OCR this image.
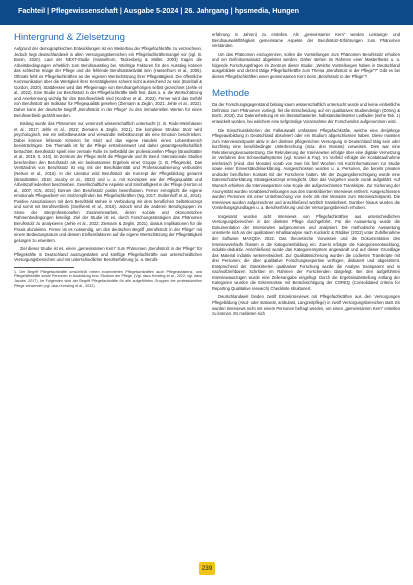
Fachteil | Pflegewissenschaft | Ausgabe 5-2024 | 26. Jahrgang | hpsmedia, Hungen
Hintergrund & Zielsetzung

Aufgrund der demographischen Entwicklungen ist ein Weiterbau der Pflegefachkräfte zu verzeichnen. Jedoch liegt deutschlandweit in allen Versorgungsbereichen ein Pflegefachkräftemangel vor (vgl. B. Bonin, 2020). Laut der NEXT-Studie (Hasselhorn, Tackenberg & Müller, 2003) tragen die Arbeitsbedingungen erheblich zum Berufsausstieg bei. Wichtige Faktoren für den Ausstieg können das schlechte Image der Pflege und die fehlende Berufsattraktivität sein (Hasselhorn et al., 2005). Oftmals fehlt es Pflegefachkräften an der eigenen Wertschätzung ihrer Pflegetätigkeit. Die öffentliche Kommunikation über die Wertigkeit ihrer Kerntätigkeiten scheint nicht ausreichend zu sein (Bomball & Gordon, 2020). Stattdessen wird das Pflegeimage von Berufsangehörigen selbst gezeichnet (Jehle et al., 2022). Eine Studie zur Berufsstolz in der Pflegefachkräfte stellt fest, dass u. a. die Wertschätzung und Anerkennung wichtig für den Berufsverbleib sind (Kordner et al., 2022). Ferner wird das Gefühl von Berufsstolz als Indikator für Pflegequalität gesehen (Ziemann & Zeglin, 2021; Jehle et al., 2022). Daher kann der deutsche Begriff „Berufsstolz in der Pflege“ zu den immateriellen Werten für einen Berufsverbleib gezählt werden.

Bislang wurde das Phänomen nur vereinzelt wissenschaftlich untersucht (z. B. Rode-Weinhäuser et al., 2017; Jehle et al., 2022; Ziemann & Zeglin, 2021). Die komplexe Struktur Stolz wird psychologisch, wie ein selbstbewusste und verwandte Selbstkonzept als eine Emotion beschrieben. Dabei können fehlende Kriterien für Stolz auf das eigene Handeln einen Lebensbereich beeinträchtigen. Die Thematik ist für die Pflege erstrebenswert und daher gesamtgesellschaftlich betrachtet. Berufsstolz spielt eine zentrale Rolle im Selbstbild der professionellen Pflege (Brandstätter et al., 2019, S. 243). Im Zentrum der Pflege steht die Pflegende und ihr Beruf. Internationale Studien beschreiben den Berufsstolz als ein bedeutsames Ergebnis einer Gruppe (z. B. Pflegende). Das Verständnis von Berufsstolz ist eng mit der Berufsidentität und Professionalisierung verbunden (Nelson et al., 2015). In der Literatur wird Berufsstolz als Konzept der Pflegebildung genannt (Brandstätter, 2018; Jacoby et al., 2022) und u. a. mit Konzepten wie der Pflegequalität und Arbeitszufriedenheit beschrieben. Gesellschaftliche Aspekte und Sinnhaftigkeit in der Pflege (Horton et al., 2007; ICN, 2021) können den Berufsstolz positiv beeinflussen. Ferner ermöglicht die eigene emotionale Pflegearbeit¹ ein Stolzempfinden bei Pflegefachkräften (Ng, 2017; Stoltenhoff et al., 2014). Positive Assoziationen mit dem Berufsbild stehen in Verbindung mit dem beruflichen Selbstkonzept und somit mit Berufsverbleib (Snellventi et al., 2016). Jedoch sind die anderen Berufsgruppen im Sinne der interprofessionellen Zusammenarbeit, deren soziale und ökonomischen Rahmenbedingungen beteiligt. Ziel der Studie ist es, durch Forschungsstrategien das Phänomen Berufsstolz zu analysieren (Jehle et al., 2022; Ziemann & Zeglin, 2021), daraus Implikationen für die Praxis abzuleiten. Ferner ist es notwendig, um den deutschen Begriff „Berufsstolz in der Pflege“ mit einem Bedeutungsraum und dessen Einflussfaktoren auf die eigene Wertschätzung der Pflegetätigkeit gelungen zu erweitern.

Ziel dieser Studie ist es, einen „gemeinsamen Kern“ zum Phänomen „Berufsstolz in der Pflege“ für Pflegekräfte in Deutschland auszugestalten und künftige Pflegefachkräfte aus unterschiedlichen Versorgungsbereichen und mit unterschiedlicher Berufserfahrung (u. a. Berufs-

1. Der Begriff Pflegefachkräfte umschließt neben examinierten Pflegefachkräften auch Pflegeassistenz- und Pflegehilfskräfte sowie Personen in Ausbildung bzw. Studium der Pflege. (Vgl. dazu Kersting et al., 2022; vgl. dazu Jacobs, 2017). Im Folgenden wird der Begriff Pflegefachkräfte für alle aufgeführten Gruppen der professionellen Pflege verwendet (vgl. dazu Kersting et al., 2022).

erfahrung in Jahren) zu erstellen. Als „gemeinsamer Kern“ werden Leistungs- und Berufsauswahlfähigkeit gemeinsame Aspekte der Berufsstolz-Erfahrungen zum Phänomen verstanden.

Um das Phänomen einzugrenzen, sollen die Vorstellungen zum Phänomen Berufsstolz erhoben und ein Definitionsansatz abgeleitet werden. Daher stehen im Rahmen einer Masterthesis u. a. folgende Forschungsfragen im Zentrum dieser Studie: „Welche Vorstellungen haben in Deutschland ausgebildete und derzeit tätige Pflegefachkräfte zum Thema „Berufsstolz in der Pflege“?“ Gibt es bei diesen Pflegefachkräften einen gemeinsamen Kern beim „Berufsstolz in der Pflege“?

Methode

Da der Forschungsgegenstand bislang kaum wissenschaftlich untersucht wurde und keine einheitliche Definition zum Phänomen vorliegt, fiel die Entscheidung auf ein qualitatives Studiendesign (Döring & Bortz, 2016). Zur Datenerhebung ist ein literaturbasierter, halbstandardisierter Leitfaden (siehe Tab. 1) entwickelt worden, bei welchem eine tiefgründige Vorannahme der Forschenden aufgenommen wird.

Die Einschlusskriterien der Fallauswahl umfassten Pflegefachkräfte, welche eine dreijährige Pflegeausbildung in Deutschland absolviert oder ein Studium abgeschlossen haben. Diese mussten zum Interviewzeitpunkt aktiv in der direkten pflegerischen Versorgung in Deutschland tätig sein oder kurzfristig eine berufsbedingte Unterbrechung (max. drei Monate) vorweisen. Dies war eine Rekrutierungsvoraussetzung. Die Rekrutierung der Interviewten erfolgte über eine digitale Vernetzung im Verfahren des Schneeballsystems (vgl. Krusel & Fay). Im Vorfeld erfolgte die Kontaktaufnahme telefonisch (mind. drei Monate) vorab von zwei bis fünf Wochen mit Kurzinformationen zur Studie sowie einer Einverständniserklärung. Ausgeschlossen wurden u. a. Personen, die bereits privaten und/oder beruflichen Kontakt mit der Forscherin hatten. Mit der Zugangsberechtigung wurde eine Datenschutzerklärung Strategiekonzept ermöglicht. Über das Vorgehen wurde vorab aufgeklärt. Auf Wunsch erhielten die Interviewpartner eine Kopie der aufgezeichneten Transkripte. Zur Sicherung der Anonymität wurden Vorabbeschreibungen aus den transkribierten Interviews entfernt. Ausgeschlossen wurden Personen mit einer Unterbrechung von mehr als drei Monaten zum Interviewzeitpunkt. Die Interviews wurden aufgezeichnet und anschließend wörtlich transkribiert. Darüber hinaus wurden die Vorstellungsgrundlagen u. a. Berufserfahrung und der Versorgungsbereich erhoben.

Insgesamt wurden acht Interviews von Pflegefachkräften aus unterschiedlichen Versorgungsbereichen in der direkten Pflege durchgeführt. Für die Auswertung wurde die Dokumentation der Interviewten aufgenommen und analysiert. Die methodische Auswertung orientierte sich an der qualitativen Inhaltsanalyse nach Kuckartz & Rädiker (2022) unter Zuhilfenahme der Software MAXQDA 2022. Das theoretische Vorwissen und die Dokumentation des Interviewverlaufs flossen in die Kategorienbildung ein. Zuerst erfolgte die Kategorienentwicklung, induktiv-deduktiv. Anschließend wurde das Kategoriensystem angewandt und auf dieser Grundlage das Material induktiv weiterentwickelt. Zur Qualitätssicherung wurden die codierten Transkripte mit drei Personen, die über qualitative Forschungsexpertise verfügen, diskutiert und abgestimmt. Entsprechend der Gütekriterien qualitativer Forschung wurde die Analyse transparent und in nachvollziehbaren Schritten im Rahmen der Forschenden dargelegt. Bei den aufgeführten Interviewauszügen wurde eine Zeilenangabe eingefügt. Durch die Ergebnisdarstellung entlang der Kategorien wurden die Erkenntnisse mit Berücksichtigung der COREQ (Consolidated criteria for Reporting Qualitative research) Checkliste strukturiert.

Deutschlandweit fanden zwölf Einzelinterviews mit Pflegefachkräften aus den Versorgungen Pflegebildung (Akut- oder stationär, ambulant, Langzeitpflege) in zwölf Versorgungsbereichen statt. Es wurden Interviews nicht mit einem Personen befragt werden, um einen „gemeinsamen Kern“ erstellen zu können. Es meldeten sich

239
